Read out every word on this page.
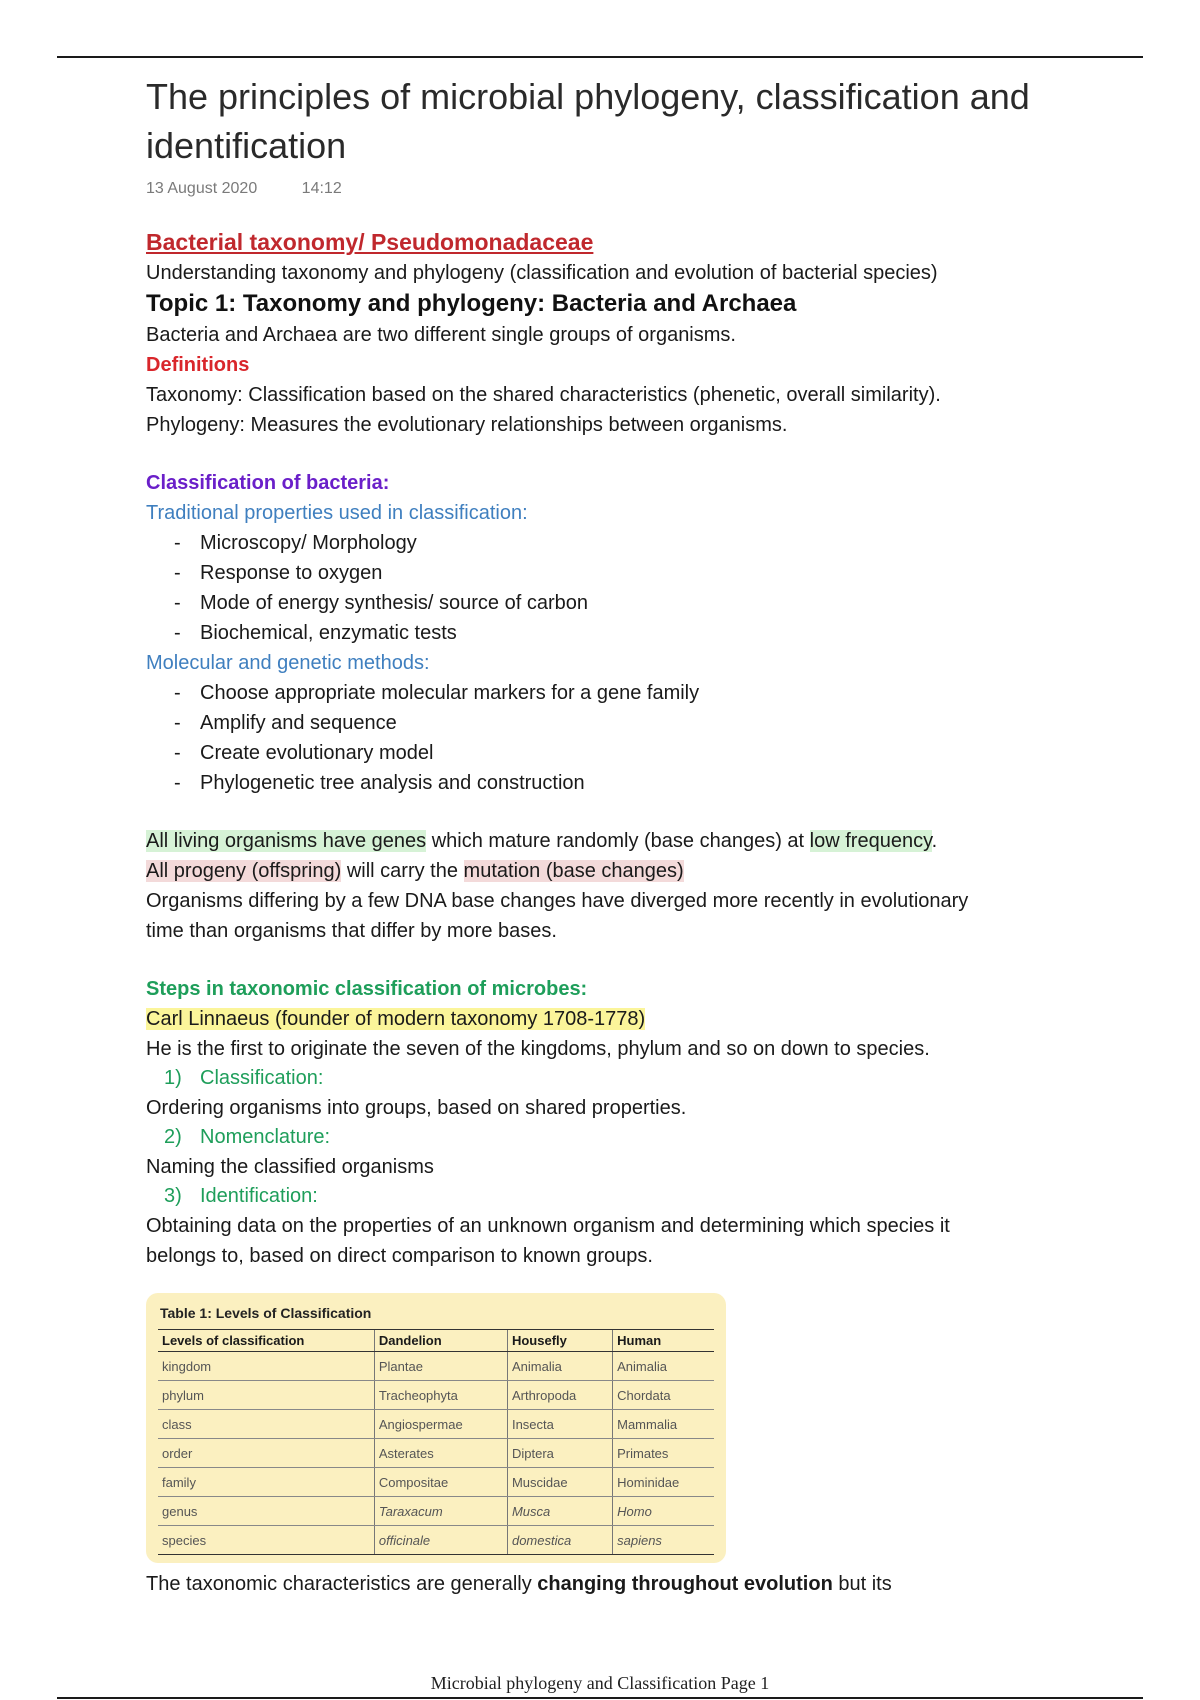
The principles of microbial phylogeny, classification and identification
13 August 2020	14:12
Bacterial taxonomy/ Pseudomonadaceae
Understanding taxonomy and phylogeny (classification and evolution of bacterial species)
Topic 1: Taxonomy and phylogeny: Bacteria and Archaea
Bacteria and Archaea are two different single groups of organisms.
Definitions
Taxonomy: Classification based on the shared characteristics (phenetic, overall similarity).
Phylogeny: Measures the evolutionary relationships between organisms.
Classification of bacteria:
Traditional properties used in classification:
- Microscopy/ Morphology
- Response to oxygen
- Mode of energy synthesis/ source of carbon
- Biochemical, enzymatic tests
Molecular and genetic methods:
- Choose appropriate molecular markers for a gene family
- Amplify and sequence
- Create evolutionary model
- Phylogenetic tree analysis and construction
All living organisms have genes which mature randomly (base changes) at low frequency.
All progeny (offspring) will carry the mutation (base changes)
Organisms differing by a few DNA base changes have diverged more recently in evolutionary
time than organisms that differ by more bases.
Steps in taxonomic classification of microbes:
Carl Linnaeus (founder of modern taxonomy 1708-1778)
He is the first to originate the seven of the kingdoms, phylum and so on down to species.
1) Classification:
Ordering organisms into groups, based on shared properties.
2) Nomenclature:
Naming the classified organisms
3) Identification:
Obtaining data on the properties of an unknown organism and determining which species it
belongs to, based on direct comparison to known groups.
Table 1: Levels of Classification
Levels of classification	Dandelion	Housefly	Human
kingdom	Plantae	Animalia	Animalia
phylum	Tracheophyta	Arthropoda	Chordata
class	Angiospermae	Insecta	Mammalia
order	Asterates	Diptera	Primates
family	Compositae	Muscidae	Hominidae
genus	Taraxacum	Musca	Homo
species	officinale	domestica	sapiens
The taxonomic characteristics are generally changing throughout evolution but its
Microbial phylogeny and Classification Page 1
